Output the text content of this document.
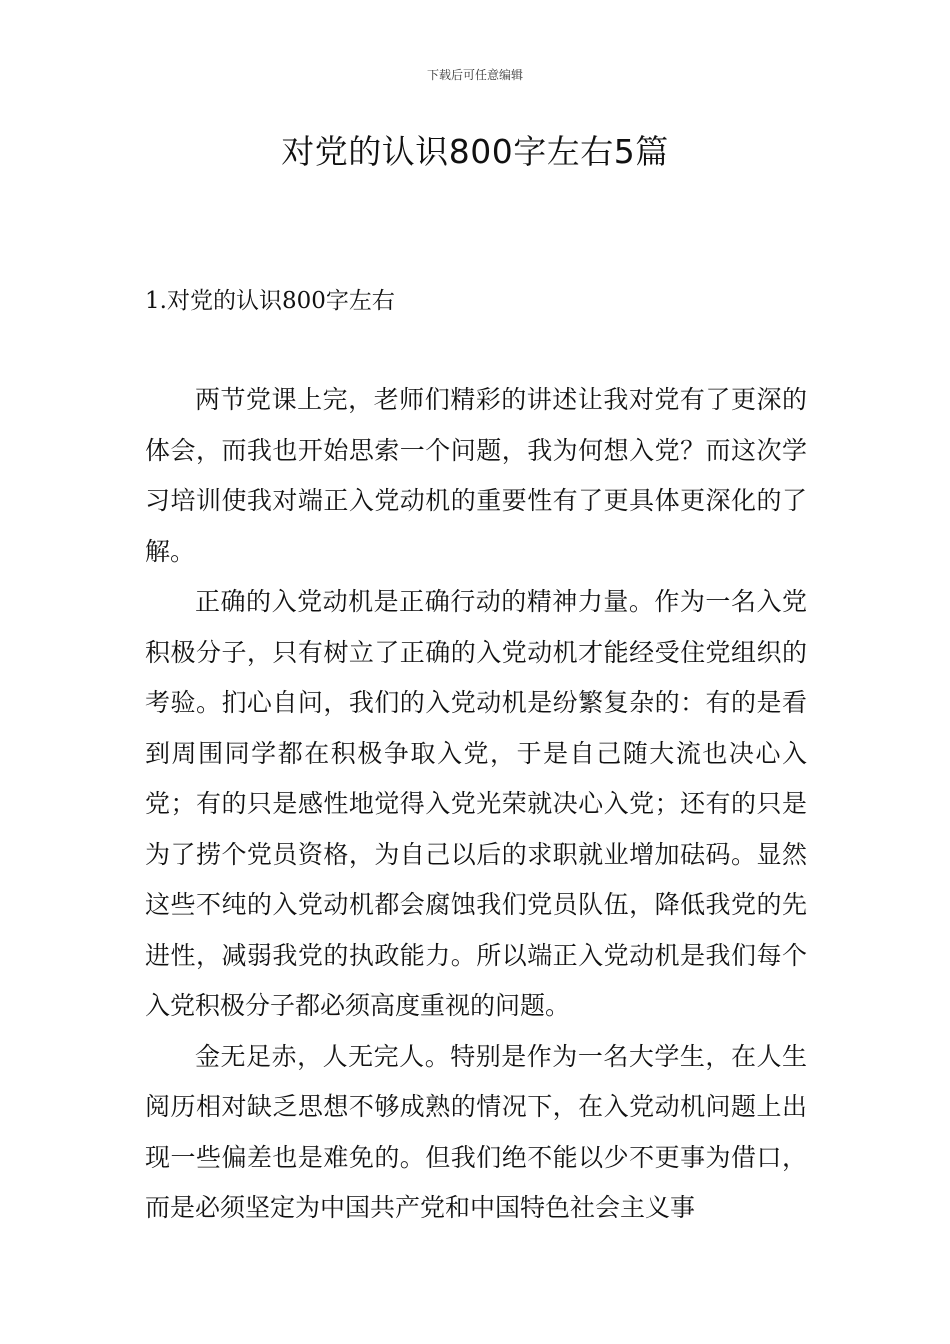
下载后可任意编辑
对党的认识800字左右5篇
1.对党的认识800字左右

两节党课上完，老师们精彩的讲述让我对党有了更深的体会，而我也开始思索一个问题，我为何想入党？而这次学习培训使我对端正入党动机的重要性有了更具体更深化的了解。

正确的入党动机是正确行动的精神力量。作为一名入党积极分子，只有树立了正确的入党动机才能经受住党组织的考验。扪心自问，我们的入党动机是纷繁复杂的：有的是看到周围同学都在积极争取入党，于是自己随大流也决心入党；有的只是感性地觉得入党光荣就决心入党；还有的只是为了捞个党员资格，为自己以后的求职就业增加砝码。显然这些不纯的入党动机都会腐蚀我们党员队伍，降低我党的先进性，减弱我党的执政能力。所以端正入党动机是我们每个入党积极分子都必须高度重视的问题。

金无足赤，人无完人。特别是作为一名大学生，在人生阅历相对缺乏思想不够成熟的情况下，在入党动机问题上出现一些偏差也是难免的。但我们绝不能以少不更事为借口，而是必须坚定为中国共产党和中国特色社会主义事
